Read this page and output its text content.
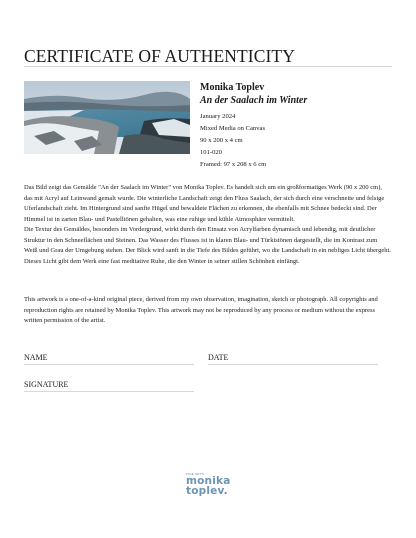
CERTIFICATE OF AUTHENTICITY
Monika Toplev
An der Saalach im Winter
January 2024
Mixed Media on Canvas
90 x 200 x 4 cm
101-020
Framed: 97 x 208 x 6 cm

Das Bild zeigt das Gemälde "An der Saalach im Winter" von Monika Toplev. Es handelt sich um ein großformatiges Werk (90 x 200 cm), das mit Acryl auf Leinwand gemalt wurde. Die winterliche Landschaft zeigt den Fluss Saalach, der sich durch eine verschneite und felsige Uferlandschaft zieht. Im Hintergrund sind sanfte Hügel und bewaldete Flächen zu erkennen, die ebenfalls mit Schnee bedeckt sind. Der Himmel ist in zarten Blau- und Pastelltönen gehalten, was eine ruhige und kühle Atmosphäre vermittelt.

Die Textur des Gemäldes, besonders im Vordergrund, wirkt durch den Einsatz von Acrylfarben dynamisch und lebendig, mit deutlicher Struktur in den Schneeflächen und Steinen. Das Wasser des Flusses ist in klaren Blau- und Türkistönen dargestellt, die im Kontrast zum Weiß und Grau der Umgebung stehen. Der Blick wird sanft in die Tiefe des Bildes geführt, wo die Landschaft in ein nebliges Licht übergeht. Dieses Licht gibt dem Werk eine fast meditative Ruhe, die den Winter in seiner stillen Schönheit einfängt.

This artwork is a one-of-a-kind original piece, derived from my own observation, imagination, sketch or photograph. All copyrights and reproduction rights are retained by Monika Toplev. This artwork may not be reproduced by any process or medium without the express written permission of the artist.
NAME	DATE
SIGNATURE
FINE ARTS
monika
toplev.
